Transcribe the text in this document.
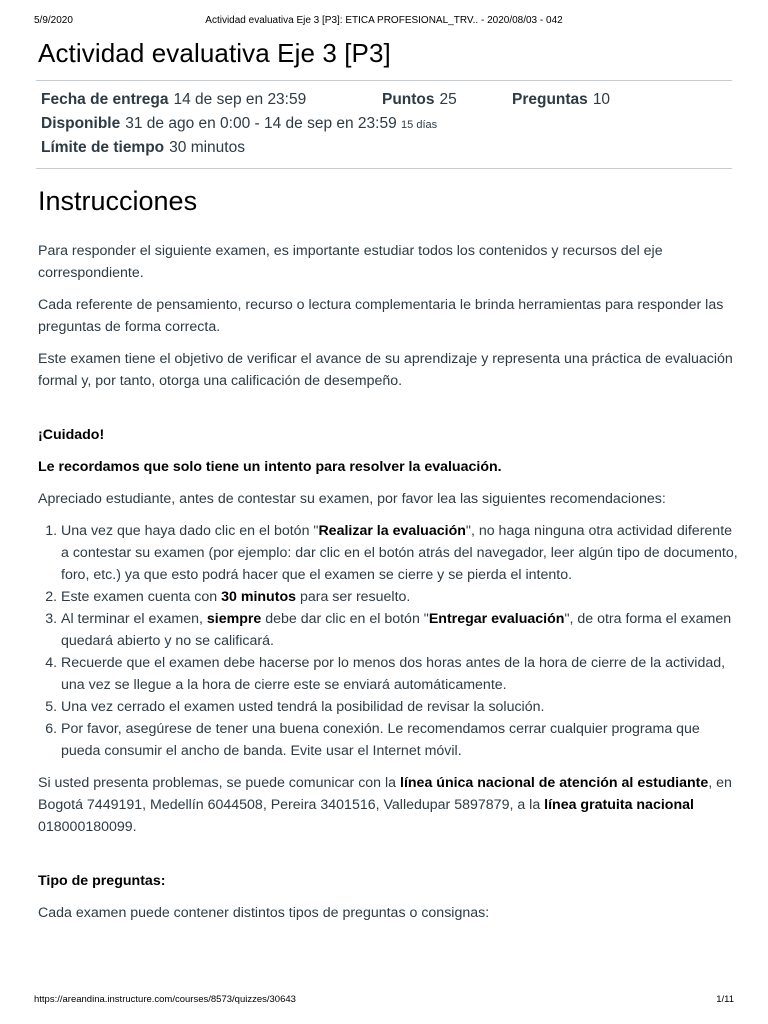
5/9/2020	Actividad evaluativa Eje 3 [P3]: ETICA PROFESIONAL_TRV.. - 2020/08/03 - 042
Actividad evaluativa Eje 3 [P3]
Fecha de entrega 14 de sep en 23:59	Puntos 25	Preguntas 10
Disponible 31 de ago en 0:00 - 14 de sep en 23:59 15 días
Límite de tiempo 30 minutos
Instrucciones

Para responder el siguiente examen, es importante estudiar todos los contenidos y recursos del eje correspondiente.

Cada referente de pensamiento, recurso o lectura complementaria le brinda herramientas para responder las preguntas de forma correcta.

Este examen tiene el objetivo de verificar el avance de su aprendizaje y representa una práctica de evaluación formal y, por tanto, otorga una calificación de desempeño.

¡Cuidado!

Le recordamos que solo tiene un intento para resolver la evaluación.

Apreciado estudiante, antes de contestar su examen, por favor lea las siguientes recomendaciones:

1. Una vez que haya dado clic en el botón "Realizar la evaluación", no haga ninguna otra actividad diferente a contestar su examen (por ejemplo: dar clic en el botón atrás del navegador, leer algún tipo de documento, foro, etc.) ya que esto podrá hacer que el examen se cierre y se pierda el intento.
2. Este examen cuenta con 30 minutos para ser resuelto.
3. Al terminar el examen, siempre debe dar clic en el botón "Entregar evaluación", de otra forma el examen quedará abierto y no se calificará.
4. Recuerde que el examen debe hacerse por lo menos dos horas antes de la hora de cierre de la actividad, una vez se llegue a la hora de cierre este se enviará automáticamente.
5. Una vez cerrado el examen usted tendrá la posibilidad de revisar la solución.
6. Por favor, asegúrese de tener una buena conexión. Le recomendamos cerrar cualquier programa que pueda consumir el ancho de banda. Evite usar el Internet móvil.

Si usted presenta problemas, se puede comunicar con la línea única nacional de atención al estudiante, en Bogotá 7449191, Medellín 6044508, Pereira 3401516, Valledupar 5897879, a la línea gratuita nacional 018000180099.

Tipo de preguntas:

Cada examen puede contener distintos tipos de preguntas o consignas:

https://areandina.instructure.com/courses/8573/quizzes/30643	1/11
